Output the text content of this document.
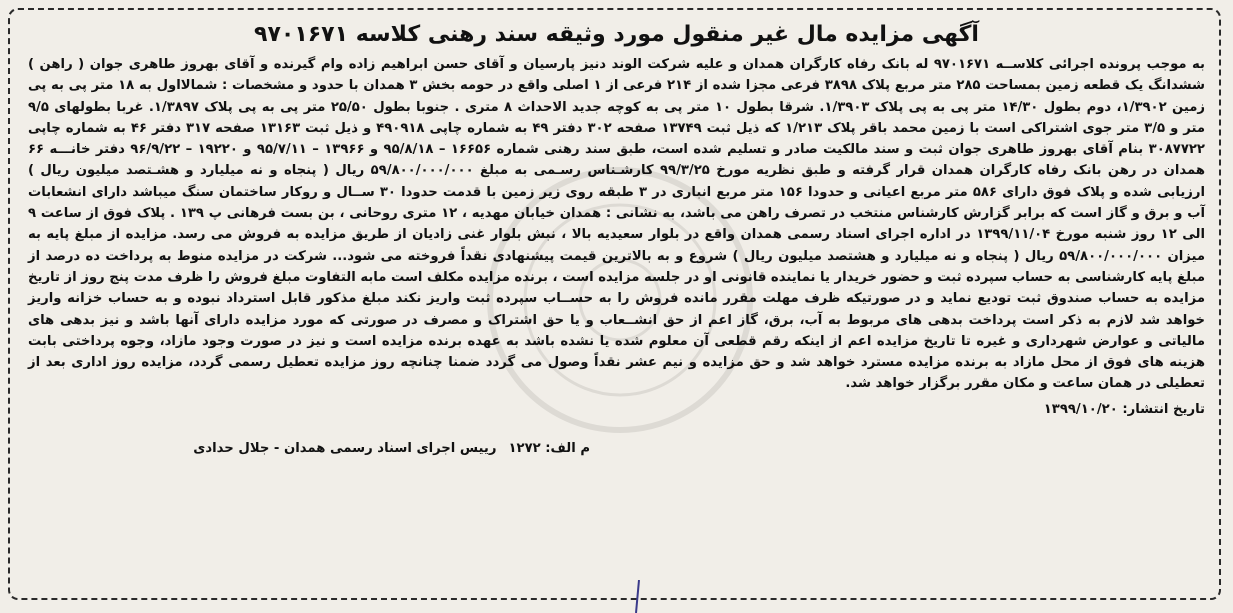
آگهی مزایده مال غیر منقول مورد وثیقه سند رهنی کلاسه ۹۷۰۱۶۷۱

به موجب پرونده اجرائی کلاســه ۹۷۰۱۶۷۱ له بانک رفاه کارگران همدان و علیه شرکت الوند دنیز پارسیان و آقای حسن ابراهیم زاده وام گیرنده و آقای بهروز طاهری جوان ( راهن ) ششدانگ یک قطعه زمین بمساحت ۲۸۵ متر مربع پلاک ۳۸۹۸ فرعی مجزا شده از ۲۱۴ فرعی از ۱ اصلی واقع در حومه بخش ۳ همدان با حدود و مشخصات : شمالااول به ۱۸ متر پی به پی زمین ۱/۳۹۰۲، دوم بطول ۱۴/۳۰ متر پی به پی پلاک ۱/۳۹۰۳. شرقا بطول ۱۰ متر پی به کوچه جدید الاحداث ۸ متری . جنوبا بطول ۲۵/۵۰ متر پی به پی پلاک ۱/۳۸۹۷. غربا بطولهای ۹/۵ متر و ۳/۵ متر جوی اشتراکی است با زمین محمد باقر پلاک ۱/۲۱۳ که ذیل ثبت ۱۳۷۴۹ صفحه ۳۰۲ دفتر ۴۹ به شماره چاپی ۴۹۰۹۱۸ و ذیل ثبت ۱۳۱۶۳ صفحه ۳۱۷ دفتر ۴۶ به شماره چاپی ۳۰۸۷۷۲۲ بنام آقای بهروز طاهری جوان ثبت و سند مالکیت صادر و تسلیم شده است، طبق سند رهنی شماره ۱۶۶۵۶ – ۹۵/۸/۱۸ و ۱۳۹۶۶ – ۹۵/۷/۱۱ و ۱۹۲۲۰ – ۹۶/۹/۲۲ دفتر خانـــه ۶۶ همدان در رهن بانک رفاه کارگران همدان قرار گرفته و طبق نظریه مورخ ۹۹/۳/۲۵ کارشـناس رسـمی به مبلغ ۵۹/۸۰۰/۰۰۰/۰۰۰ ریال ( پنجاه و نه میلیارد و هشـتصد میلیون ریال ) ارزیابی شده و پلاک فوق دارای ۵۸۶ متر مربع اعیانی و حدودا ۱۵۶ متر مربع انباری در ۳ طبقه روی زیر زمین با قدمت حدودا ۳۰ ســال و روکار ساختمان سنگ میباشد دارای انشعابات آب و برق و گاز است که برابر گزارش کارشناس منتخب در تصرف راهن می باشد، به نشانی : همدان خیابان مهدیه ، ۱۲ متری روحانی ، بن بست فرهانی پ ۱۳۹ . پلاک فوق از ساعت ۹ الی ۱۲ روز شنبه مورخ ۱۳۹۹/۱۱/۰۴ در اداره اجرای اسناد رسمی همدان واقع در بلوار سعیدیه بالا ، نبش بلوار غنی زادیان از طریق مزایده به فروش می رسد. مزایده از مبلغ پایه به میزان ۵۹/۸۰۰/۰۰۰/۰۰۰ ریال ( پنجاه و نه میلیارد و هشتصد میلیون ریال ) شروع و به بالاترین قیمت پیشنهادی نقداً فروخته می شود... شرکت در مزایده منوط به پرداخت ده درصد از مبلغ پایه کارشناسی به حساب سپرده ثبت و حضور خریدار یا نماینده قانونی او در جلسه مزایده است ، برنده مزایده مکلف است مابه التفاوت مبلغ فروش را ظرف مدت پنج روز از تاریخ مزایده به حساب صندوق ثبت تودیع نماید و در صورتیکه ظرف مهلت مقرر مانده فروش را به حســاب سپرده ثبت واریز نکند مبلغ مذکور قابل استرداد نبوده و به حساب خزانه واریز خواهد شد لازم به ذکر است پرداخت بدهی های مربوط به آب، برق، گاز اعم از حق انشــعاب و یا حق اشتراک و مصرف در صورتی که مورد مزایده دارای آنها باشد و نیز بدهی های مالیاتی و عوارض شهرداری و غیره تا تاریخ مزایده اعم از اینکه رقم قطعی آن معلوم شده یا نشده باشد به عهده برنده مزایده است و نیز در صورت وجود مازاد، وجوه پرداختی بابت هزینه های فوق از محل مازاد به برنده مزایده مسترد خواهد شد و حق مزایده و نیم عشر نقداً وصول می گردد ضمنا چنانچه روز مزایده تعطیل رسمی گردد، مزایده روز اداری بعد از تعطیلی در همان ساعت و مکان مقرر برگزار خواهد شد.

تاریخ انتشار: ۱۳۹۹/۱۰/۲۰
م الف: ۱۲۷۲
رییس اجرای اسناد رسمی همدان - جلال حدادی
